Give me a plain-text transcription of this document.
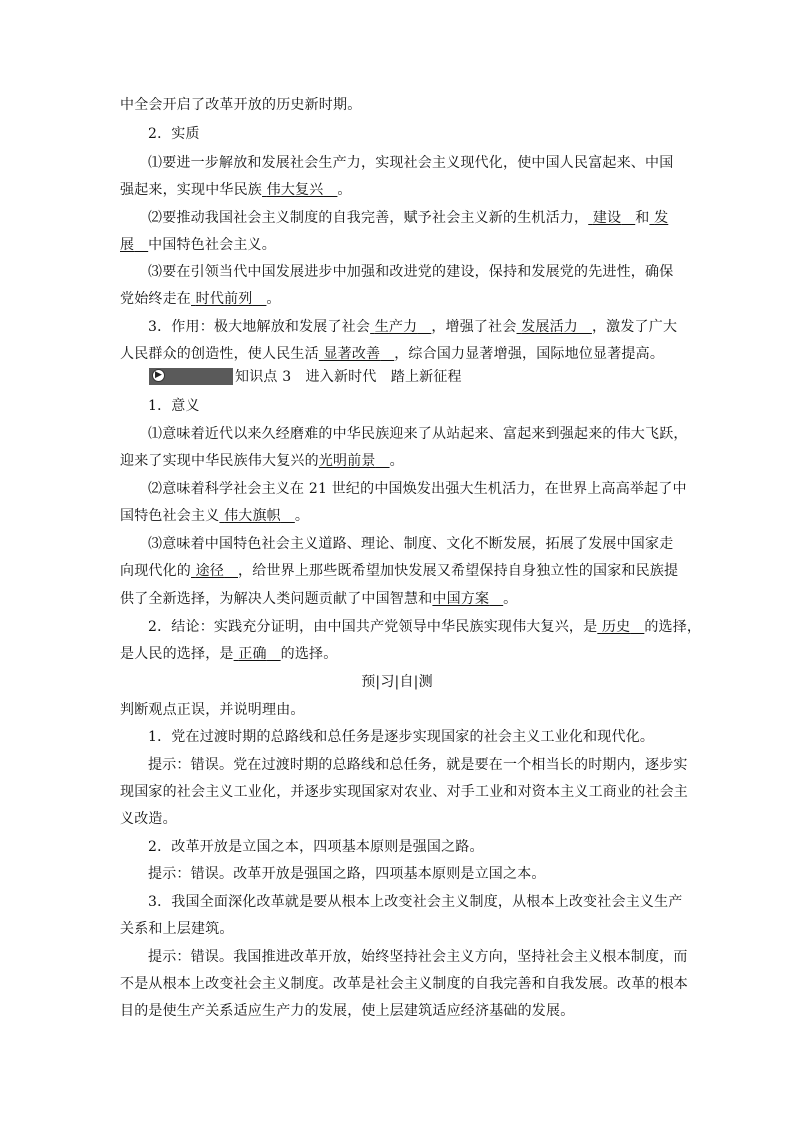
中全会开启了改革开放的历史新时期。
2．实质
⑴要进一步解放和发展社会生产力，实现社会主义现代化，使中国人民富起来、中国
强起来，实现中华民族 伟大复兴 。
⑵要推动我国社会主义制度的自我完善，赋予社会主义新的生机活力， 建设 和 发
展 中国特色社会主义。
⑶要在引领当代中国发展进步中加强和改进党的建设，保持和发展党的先进性，确保
党始终走在 时代前列 。
3．作用：极大地解放和发展了社会 生产力 ，增强了社会 发展活力 ，激发了广大
人民群众的创造性，使人民生活 显著改善 ，综合国力显著增强，国际地位显著提高。
▶	知识点 3　进入新时代　踏上新征程
1．意义
⑴意味着近代以来久经磨难的中华民族迎来了从站起来、富起来到强起来的伟大飞跃，
迎来了实现中华民族伟大复兴的光明前景 。
⑵意味着科学社会主义在 21 世纪的中国焕发出强大生机活力，在世界上高高举起了中
国特色社会主义 伟大旗帜 。
⑶意味着中国特色社会主义道路、理论、制度、文化不断发展，拓展了发展中国家走
向现代化的 途径 ，给世界上那些既希望加快发展又希望保持自身独立性的国家和民族提
供了全新选择，为解决人类问题贡献了中国智慧和中国方案 。
2．结论：实践充分证明，由中国共产党领导中华民族实现伟大复兴，是 历史 的选择，
是人民的选择，是 正确 的选择。
预|习|自|测
判断观点正误，并说明理由。
1．党在过渡时期的总路线和总任务是逐步实现国家的社会主义工业化和现代化。
提示：错误。党在过渡时期的总路线和总任务，就是要在一个相当长的时期内，逐步实
现国家的社会主义工业化，并逐步实现国家对农业、对手工业和对资本主义工商业的社会主
义改造。
2．改革开放是立国之本，四项基本原则是强国之路。
提示：错误。改革开放是强国之路，四项基本原则是立国之本。
3．我国全面深化改革就是要从根本上改变社会主义制度，从根本上改变社会主义生产
关系和上层建筑。
提示：错误。我国推进改革开放，始终坚持社会主义方向，坚持社会主义根本制度，而
不是从根本上改变社会主义制度。改革是社会主义制度的自我完善和自我发展。改革的根本
目的是使生产关系适应生产力的发展，使上层建筑适应经济基础的发展。
